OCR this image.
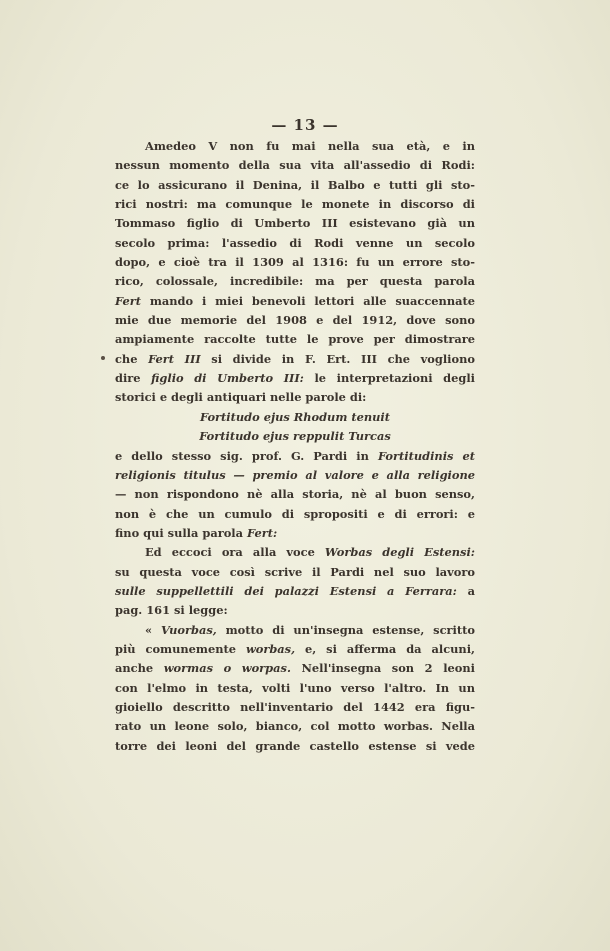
— 13 —
Amedeo V non fu mai nella sua età, e in
nessun momento della sua vita all'assedio di Rodi:
ce lo assicurano il Denina, il Balbo e tutti gli sto-
rici nostri: ma comunque le monete in discorso di
Tommaso figlio di Umberto III esistevano già un
secolo prima: l'assedio di Rodi venne un secolo
dopo, e cioè tra il 1309 al 1316: fu un errore sto-
rico, colossale, incredibile: ma per questa parola
Fert mando i miei benevoli lettori alle suaccennate
mie due memorie del 1908 e del 1912, dove sono
ampiamente raccolte tutte le prove per dimostrare
che Fert III si divide in F. Ert. III che vogliono
dire figlio di Umberto III: le interpretazioni degli
storici e degli antiquari nelle parole di:
Fortitudo ejus Rhodum tenuit
Fortitudo ejus reppulit Turcas
e dello stesso sig. prof. G. Pardi in Fortitudinis et
religionis titulus — premio al valore e alla religione
— non rispondono nè alla storia, nè al buon senso,
non è che un cumulo di spropositi e di errori: e
fino qui sulla parola Fert:
Ed eccoci ora alla voce Worbas degli Estensi:
su questa voce così scrive il Pardi nel suo lavoro
sulle suppellettili dei palazzi Estensi a Ferrara: a
pag. 161 si legge:
« Vuorbas, motto di un'insegna estense, scritto
più comunemente worbas, e, si afferma da alcuni,
anche wormas o worpas. Nell'insegna son 2 leoni
con l'elmo in testa, volti l'uno verso l'altro. In un
gioiello descritto nell'inventario del 1442 era figu-
rato un leone solo, bianco, col motto worbas. Nella
torre dei leoni del grande castello estense si vede
